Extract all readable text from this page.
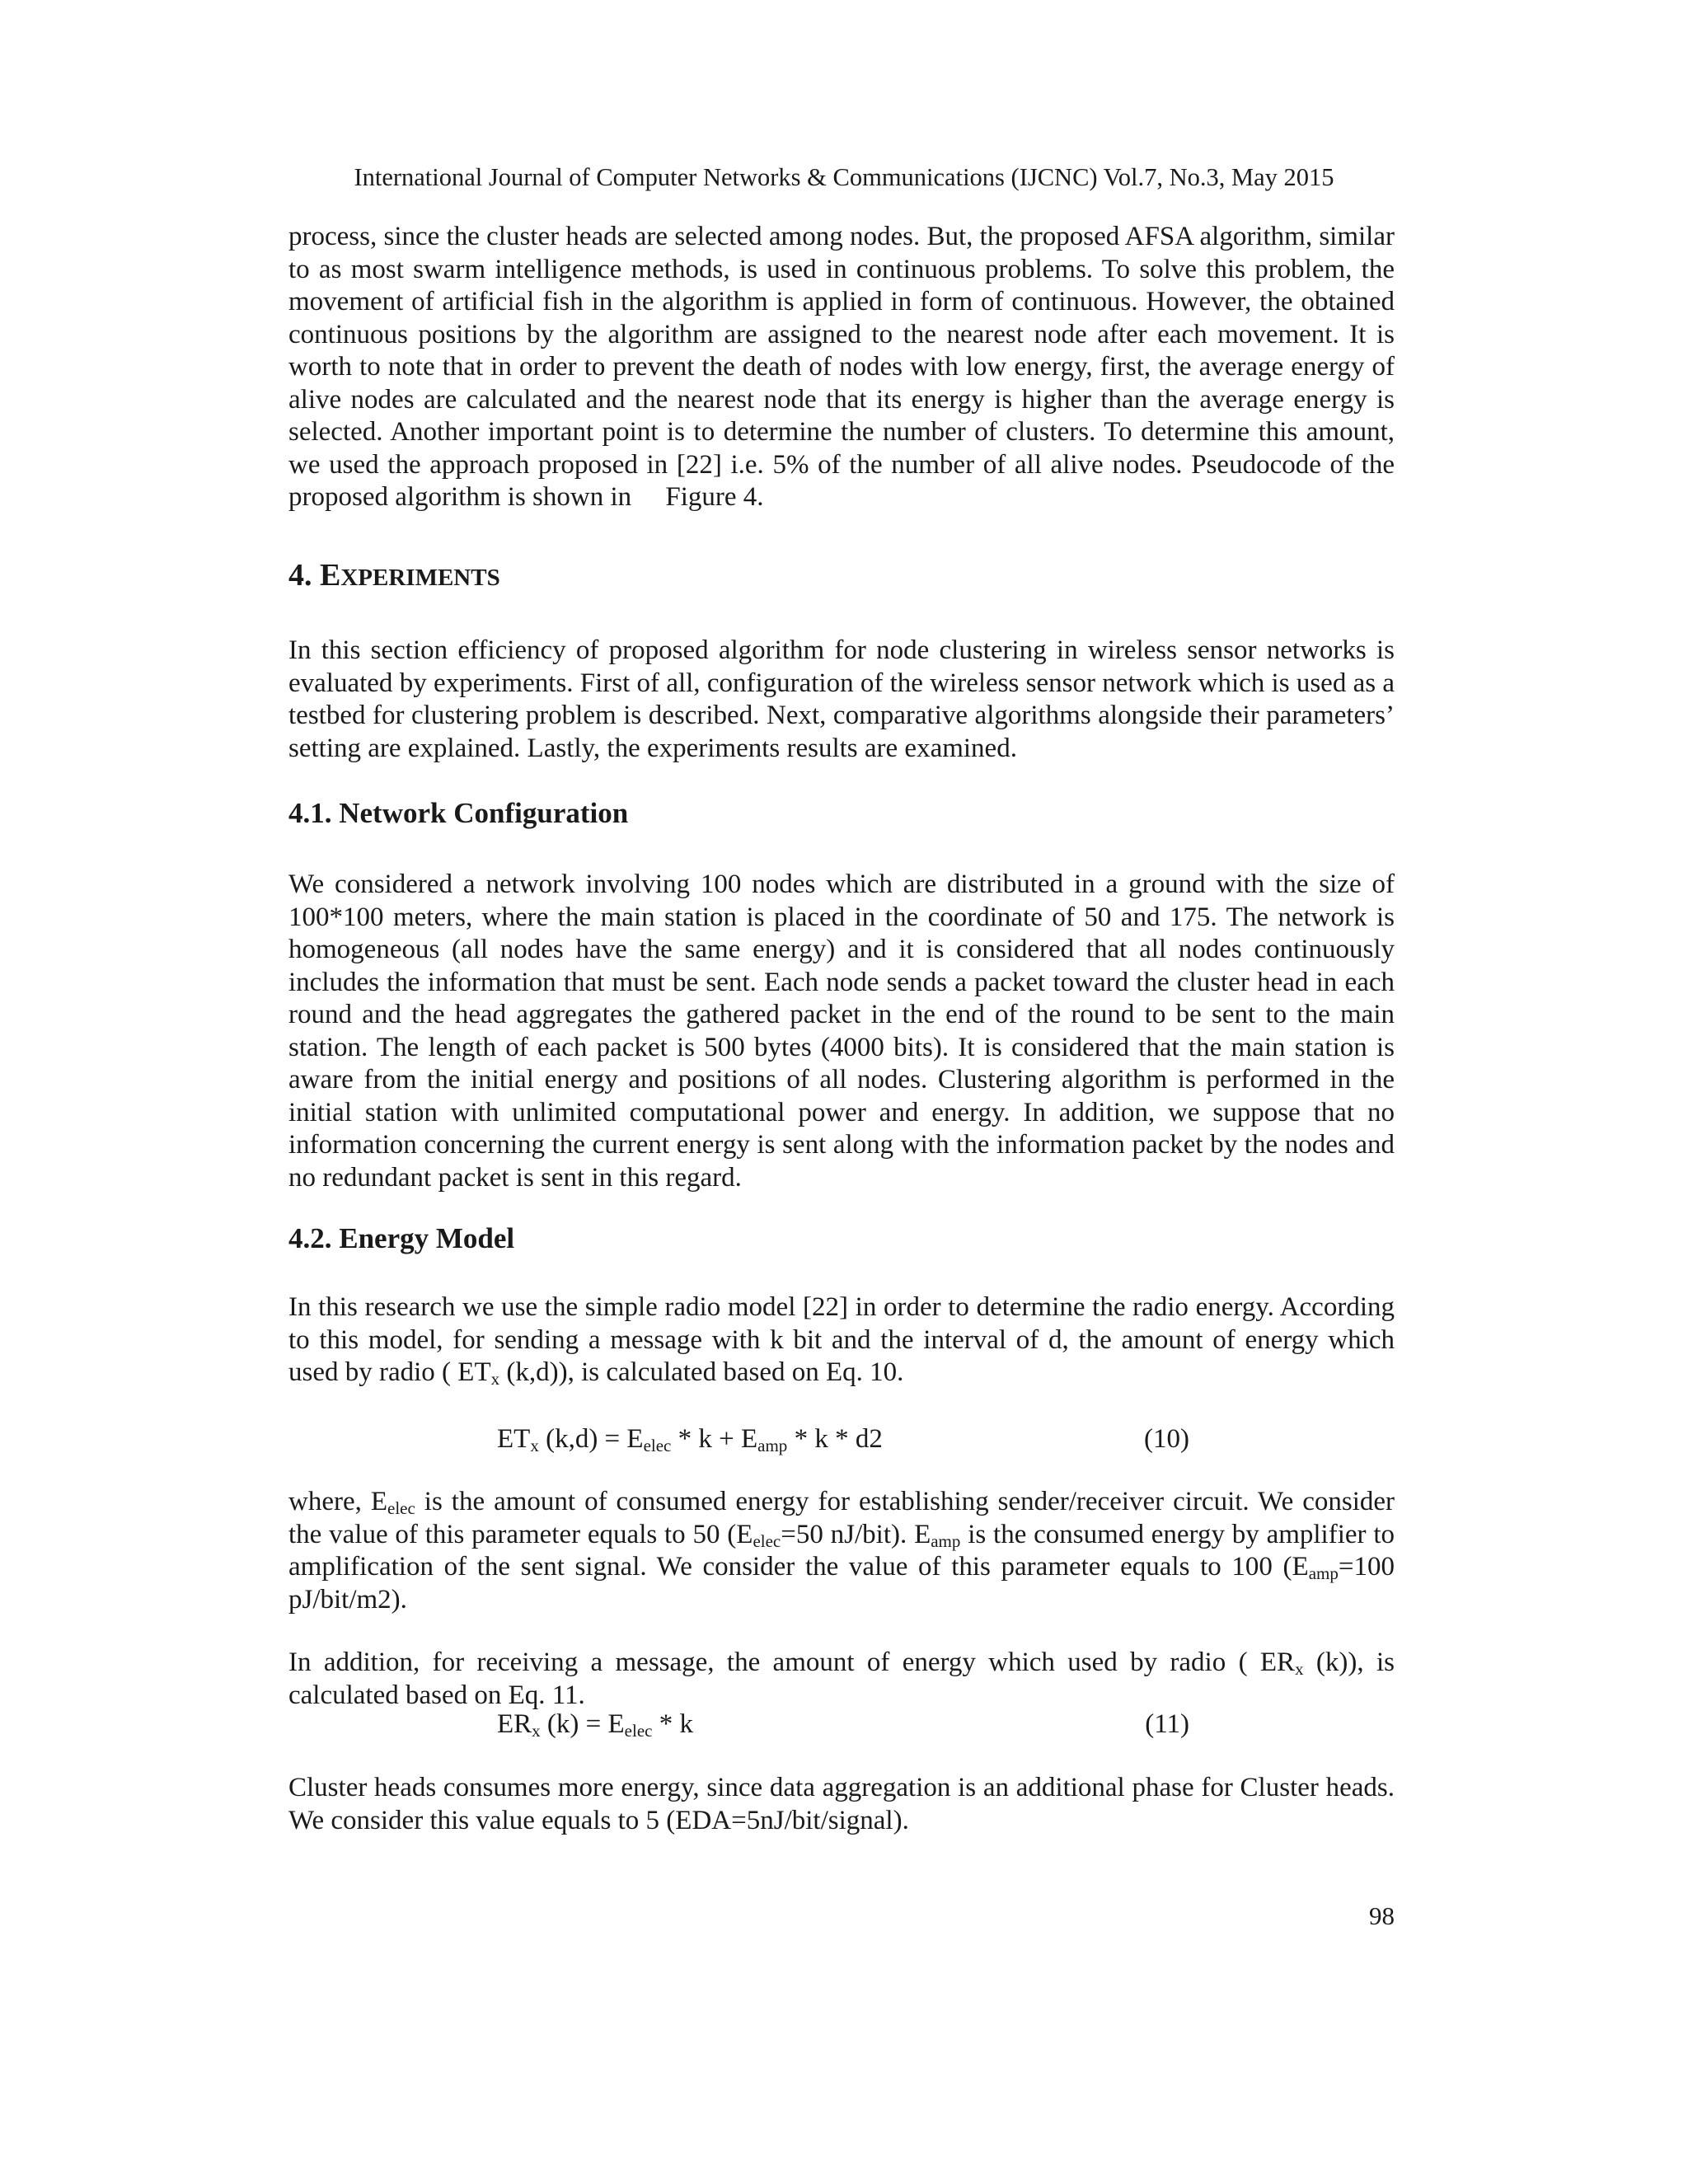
International Journal of Computer Networks & Communications (IJCNC) Vol.7, No.3, May 2015

process, since the cluster heads are selected among nodes. But, the proposed AFSA algorithm, similar to as most swarm intelligence methods, is used in continuous problems. To solve this problem, the movement of artificial fish in the algorithm is applied in form of continuous. However, the obtained continuous positions by the algorithm are assigned to the nearest node after each movement. It is worth to note that in order to prevent the death of nodes with low energy, first, the average energy of alive nodes are calculated and the nearest node that its energy is higher than the average energy is selected. Another important point is to determine the number of clusters. To determine this amount, we used the approach proposed in [22] i.e. 5% of the number of all alive nodes. Pseudocode of the proposed algorithm is shown in     Figure 4.

4. EXPERIMENTS

In this section efficiency of proposed algorithm for node clustering in wireless sensor networks is evaluated by experiments. First of all, configuration of the wireless sensor network which is used as a testbed for clustering problem is described. Next, comparative algorithms alongside their parameters’ setting are explained. Lastly, the experiments results are examined.

4.1. Network Configuration

We considered a network involving 100 nodes which are distributed in a ground with the size of 100*100 meters, where the main station is placed in the coordinate of 50 and 175. The network is homogeneous (all nodes have the same energy) and it is considered that all nodes continuously includes the information that must be sent. Each node sends a packet toward the cluster head in each round and the head aggregates the gathered packet in the end of the round to be sent to the main station. The length of each packet is 500 bytes (4000 bits). It is considered that the main station is aware from the initial energy and positions of all nodes. Clustering algorithm is performed in the initial station with unlimited computational power and energy. In addition, we suppose that no information concerning the current energy is sent along with the information packet by the nodes and no redundant packet is sent in this regard.

4.2. Energy Model

In this research we use the simple radio model [22] in order to determine the radio energy. According to this model, for sending a message with k bit and the interval of d, the amount of energy which used by radio ( $ET_x$ (k,d)), is calculated based on Eq. 10.

$ET_x$ $(k,d) = E_{elec} * k + E_{amp} * k * d2$	(10)

where, $E_{elec}$ is the amount of consumed energy for establishing sender/receiver circuit. We consider the value of this parameter equals to 50 ($E_{elec}=50$ nJ/bit). $E_{amp}$ is the consumed energy by amplifier to amplification of the sent signal. We consider the value of this parameter equals to 100 ($E_{amp}=100$ pJ/bit/m2).

In addition, for receiving a message, the amount of energy which used by radio ( $ER_x$ (k)), is calculated based on Eq. 11.

$ER_x$ $(k) = E_{elec} * k$	(11)

Cluster heads consumes more energy, since data aggregation is an additional phase for Cluster heads. We consider this value equals to 5 (EDA=5nJ/bit/signal).

98
